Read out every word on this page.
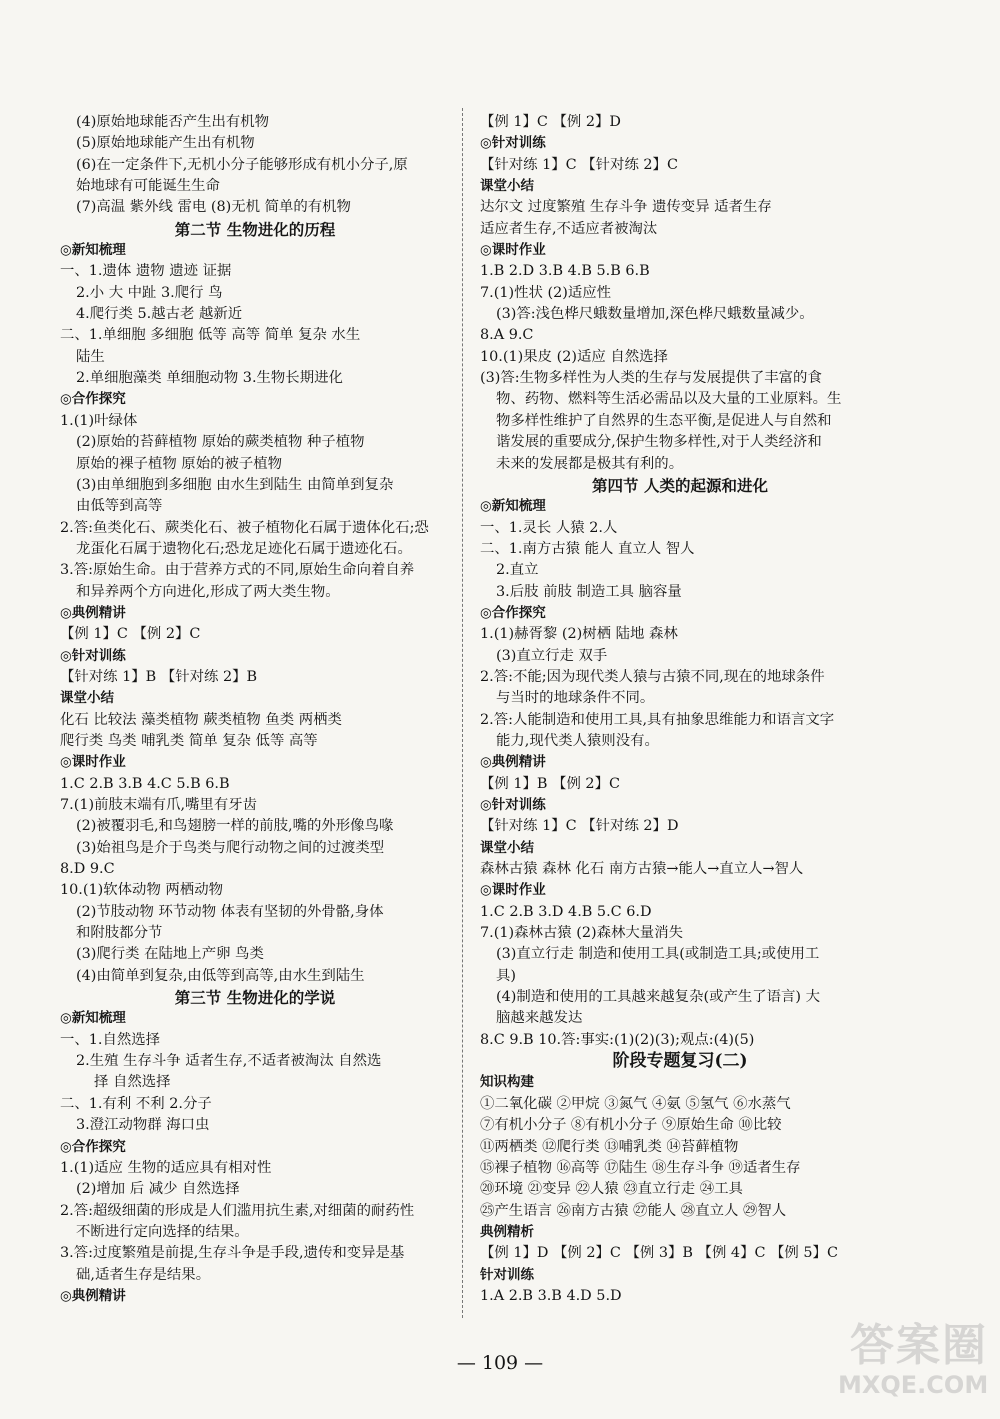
(4)原始地球能否产生出有机物
(5)原始地球能产生出有机物
(6)在一定条件下,无机小分子能够形成有机小分子,原
始地球有可能诞生生命
(7)高温 紫外线 雷电 (8)无机 简单的有机物
第二节 生物进化的历程
◎新知梳理
一、1.遗体 遗物 遗迹 证据
2.小 大 中趾 3.爬行 鸟
4.爬行类 5.越古老 越新近
二、1.单细胞 多细胞 低等 高等 简单 复杂 水生
陆生
2.单细胞藻类 单细胞动物 3.生物长期进化
◎合作探究
1.(1)叶绿体
(2)原始的苔藓植物 原始的蕨类植物 种子植物
原始的裸子植物 原始的被子植物
(3)由单细胞到多细胞 由水生到陆生 由简单到复杂
由低等到高等
2.答:鱼类化石、蕨类化石、被子植物化石属于遗体化石;恐
龙蛋化石属于遗物化石;恐龙足迹化石属于遗迹化石。
3.答:原始生命。由于营养方式的不同,原始生命向着自养
和异养两个方向进化,形成了两大类生物。
◎典例精讲
【例 1】C 【例 2】C
◎针对训练
【针对练 1】B 【针对练 2】B
课堂小结
化石 比较法 藻类植物 蕨类植物 鱼类 两栖类
爬行类 鸟类 哺乳类 简单 复杂 低等 高等
◎课时作业
1.C 2.B 3.B 4.C 5.B 6.B
7.(1)前肢末端有爪,嘴里有牙齿
(2)被覆羽毛,和鸟翅膀一样的前肢,嘴的外形像鸟喙
(3)始祖鸟是介于鸟类与爬行动物之间的过渡类型
8.D 9.C
10.(1)软体动物 两栖动物
(2)节肢动物 环节动物 体表有坚韧的外骨骼,身体
和附肢都分节
(3)爬行类 在陆地上产卵 鸟类
(4)由简单到复杂,由低等到高等,由水生到陆生
第三节 生物进化的学说
◎新知梳理
一、1.自然选择
2.生殖 生存斗争 适者生存,不适者被淘汰 自然选
择 自然选择
二、1.有利 不利 2.分子
3.澄江动物群 海口虫
◎合作探究
1.(1)适应 生物的适应具有相对性
(2)增加 后 减少 自然选择
2.答:超级细菌的形成是人们滥用抗生素,对细菌的耐药性
不断进行定向选择的结果。
3.答:过度繁殖是前提,生存斗争是手段,遗传和变异是基
础,适者生存是结果。
◎典例精讲
【例 1】C 【例 2】D
◎针对训练
【针对练 1】C 【针对练 2】C
课堂小结
达尔文 过度繁殖 生存斗争 遗传变异 适者生存
适应者生存,不适应者被淘汰
◎课时作业
1.B 2.D 3.B 4.B 5.B 6.B
7.(1)性状 (2)适应性
(3)答:浅色桦尺蛾数量增加,深色桦尺蛾数量减少。
8.A 9.C
10.(1)果皮 (2)适应 自然选择
(3)答:生物多样性为人类的生存与发展提供了丰富的食
物、药物、燃料等生活必需品以及大量的工业原料。生
物多样性维护了自然界的生态平衡,是促进人与自然和
谐发展的重要成分,保护生物多样性,对于人类经济和
未来的发展都是极其有利的。
第四节 人类的起源和进化
◎新知梳理
一、1.灵长 人猿 2.人
二、1.南方古猿 能人 直立人 智人
2.直立
3.后肢 前肢 制造工具 脑容量
◎合作探究
1.(1)赫胥黎 (2)树栖 陆地 森林
(3)直立行走 双手
2.答:不能;因为现代类人猿与古猿不同,现在的地球条件
与当时的地球条件不同。
2.答:人能制造和使用工具,具有抽象思维能力和语言文字
能力,现代类人猿则没有。
◎典例精讲
【例 1】B 【例 2】C
◎针对训练
【针对练 1】C 【针对练 2】D
课堂小结
森林古猿 森林 化石 南方古猿→能人→直立人→智人
◎课时作业
1.C 2.B 3.D 4.B 5.C 6.D
7.(1)森林古猿 (2)森林大量消失
(3)直立行走 制造和使用工具(或制造工具;或使用工
具)
(4)制造和使用的工具越来越复杂(或产生了语言) 大
脑越来越发达
8.C 9.B 10.答:事实:(1)(2)(3);观点:(4)(5)
阶段专题复习(二)
知识构建
①二氧化碳 ②甲烷 ③氮气 ④氨 ⑤氢气 ⑥水蒸气
⑦有机小分子 ⑧有机小分子 ⑨原始生命 ⑩比较
⑪两栖类 ⑫爬行类 ⑬哺乳类 ⑭苔藓植物
⑮裸子植物 ⑯高等 ⑰陆生 ⑱生存斗争 ⑲适者生存
⑳环境 ㉑变异 ㉒人猿 ㉓直立行走 ㉔工具
㉕产生语言 ㉖南方古猿 ㉗能人 ㉘直立人 ㉙智人
典例精析
【例 1】D 【例 2】C 【例 3】B 【例 4】C 【例 5】C
针对训练
1.A 2.B 3.B 4.D 5.D
— 109 —	答案圈
MXQE.COM
